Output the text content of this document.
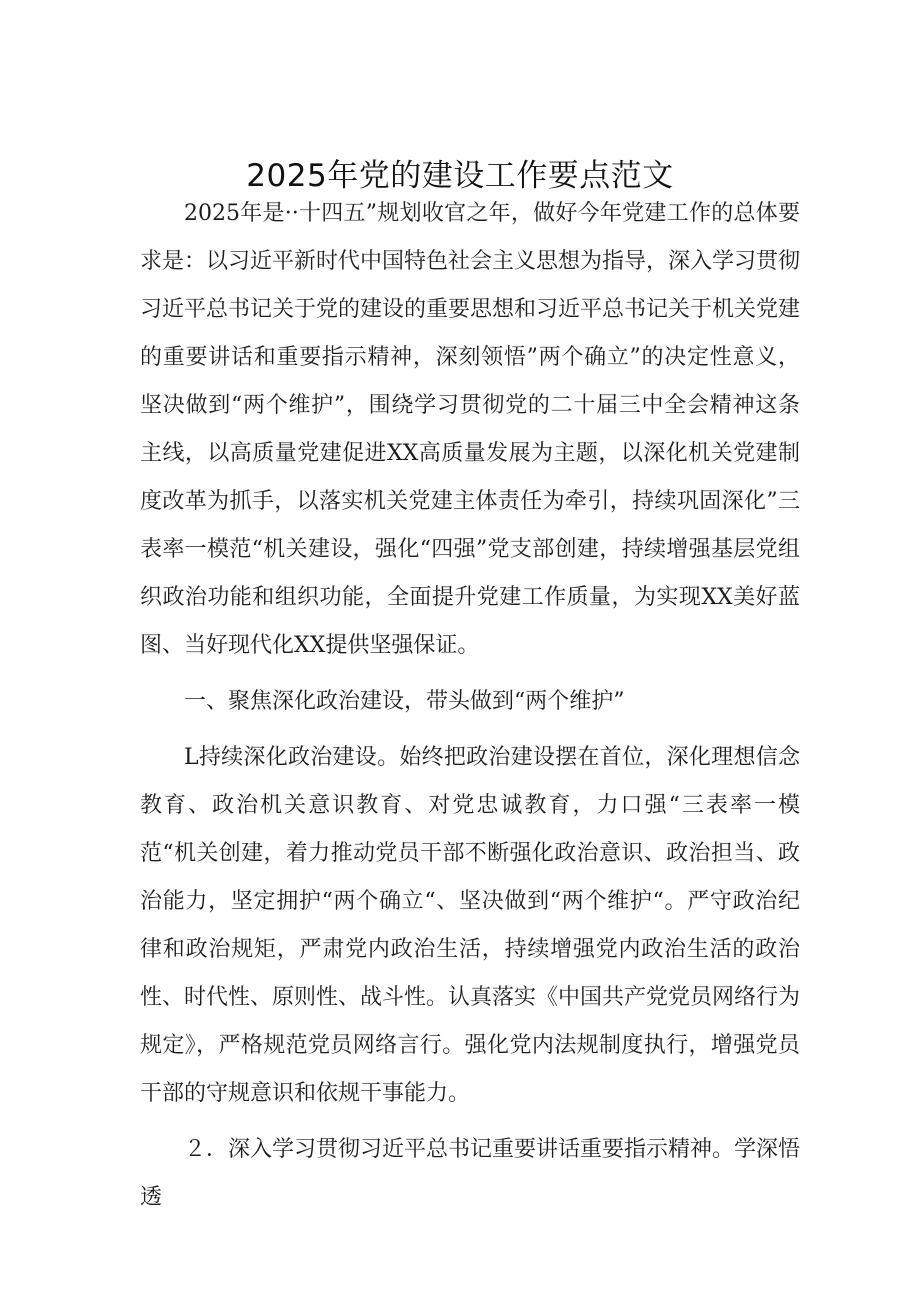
2025年党的建设工作要点范文

2025年是··十四五”规划收官之年，做好今年党建工作的总体要求是：以习近平新时代中国特色社会主义思想为指导，深入学习贯彻习近平总书记关于党的建设的重要思想和习近平总书记关于机关党建的重要讲话和重要指示精神，深刻领悟”两个确立”的决定性意义，坚决做到“两个维护”，围绕学习贯彻党的二十届三中全会精神这条主线，以高质量党建促进XX高质量发展为主题，以深化机关党建制度改革为抓手，以落实机关党建主体责任为牵引，持续巩固深化”三表率一模范“机关建设，强化“四强”党支部创建，持续增强基层党组织政治功能和组织功能，全面提升党建工作质量，为实现XX美好蓝图、当好现代化XX提供坚强保证。

一、聚焦深化政治建设，带头做到“两个维护”

L持续深化政治建设。始终把政治建设摆在首位，深化理想信念教育、政治机关意识教育、对党忠诚教育，力口强“三表率一模范“机关创建，着力推动党员干部不断强化政治意识、政治担当、政治能力，坚定拥护“两个确立“、坚决做到“两个维护“。严守政治纪律和政治规矩，严肃党内政治生活，持续增强党内政治生活的政治性、时代性、原则性、战斗性。认真落实《中国共产党党员网络行为规定》，严格规范党员网络言行。强化党内法规制度执行，增强党员干部的守规意识和依规干事能力。

２．深入学习贯彻习近平总书记重要讲话重要指示精神。学深悟透
